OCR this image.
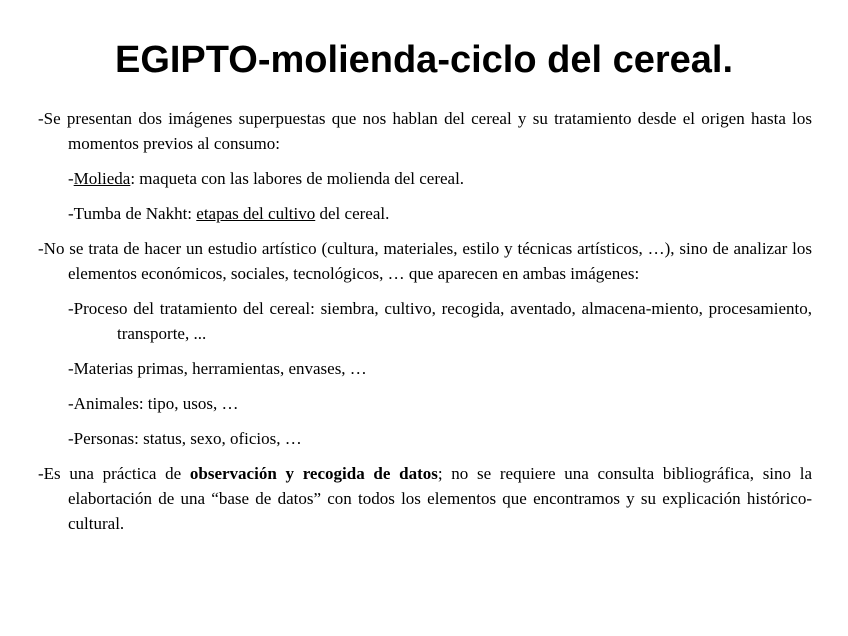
EGIPTO-molienda-ciclo del cereal.

-Se presentan dos imágenes superpuestas que nos hablan del cereal y su tratamiento desde el origen hasta los momentos previos al consumo:

-Molieda: maqueta con las labores de molienda del cereal.

-Tumba de Nakht: etapas del cultivo del cereal.

-No se trata de hacer un estudio artístico (cultura, materiales, estilo y técnicas artísticos, …), sino de analizar los elementos económicos, sociales, tecnológicos, … que aparecen en ambas imágenes:

-Proceso del tratamiento del cereal: siembra, cultivo, recogida, aventado, almacena-miento, procesamiento, transporte, ...

-Materias primas, herramientas, envases, …

-Animales: tipo, usos, …

-Personas: status, sexo, oficios, …

-Es una práctica de observación y recogida de datos; no se requiere una consulta bibliográfica, sino la elabortación de una “base de datos” con todos los elementos que encontramos y su explicación histórico-cultural.
